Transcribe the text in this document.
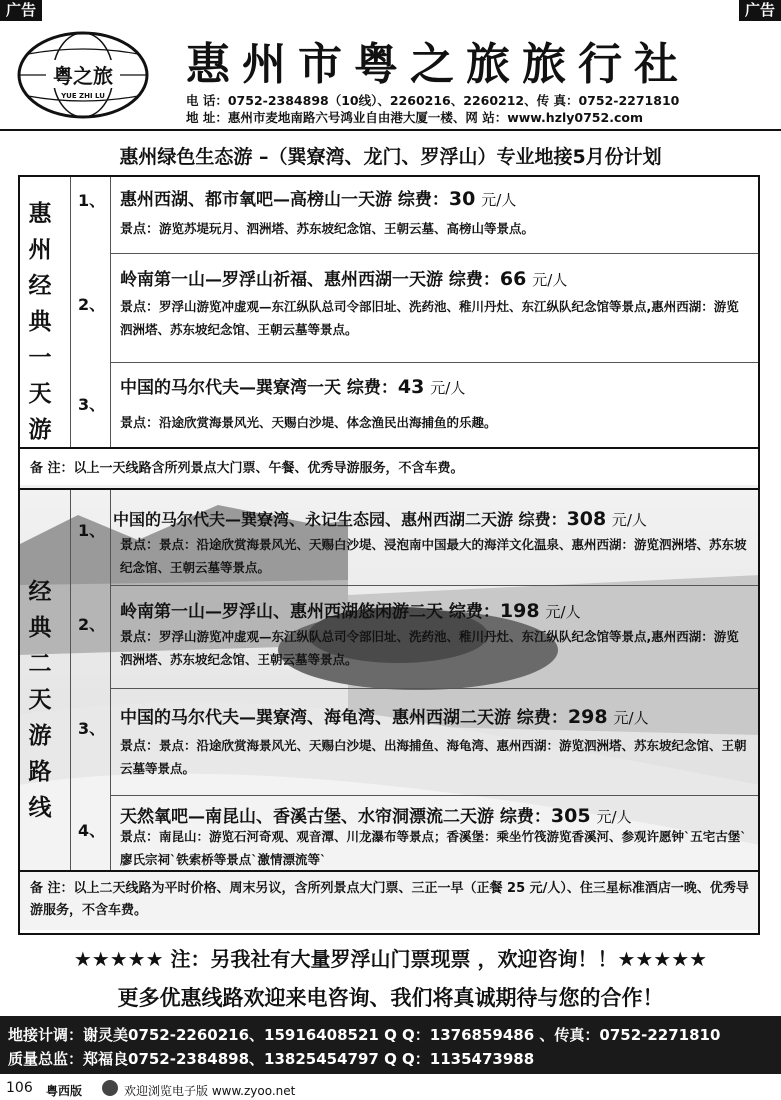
广告	广告
粤之旅
YUE ZHI LU
惠州市粤之旅旅行社
电 话：0752-2384898（10线）、2260216、2260212、传 真：0752-2271810
地 址：惠州市麦地南路六号鸿业自由港大厦一楼、网 站：www.hzly0752.com
惠州绿色生态游 –（巽寮湾、龙门、罗浮山）专业地接5月份计划
惠
州
经
典
一
天
游
1、 惠州西湖、都市氧吧—高榜山一天游 综费：30 元/人
景点：游览苏堤玩月、泗洲塔、苏东坡纪念馆、王朝云墓、高榜山等景点。
2、
岭南第一山—罗浮山祈福、惠州西湖一天游 综费：66 元/人
景点：罗浮山游览冲虚观—东江纵队总司令部旧址、洗药池、稚川丹灶、东江纵队纪念馆等景点,惠州西湖：游览泗洲塔、苏东坡纪念馆、王朝云墓等景点。
3、
中国的马尔代夫—巽寮湾一天 综费：43 元/人
景点：沿途欣赏海景风光、天赐白沙堤、体念渔民出海捕鱼的乐趣。
备 注：以上一天线路含所列景点大门票、午餐、优秀导游服务，不含车费。
经
典
二
天
游
路
线
1、
中国的马尔代夫—巽寮湾、永记生态园、惠州西湖二天游 综费：308 元/人
景点：景点：沿途欣赏海景风光、天赐白沙堤、浸泡南中国最大的海洋文化温泉、惠州西湖：游览泗洲塔、苏东坡纪念馆、王朝云墓等景点。
2、
岭南第一山—罗浮山、惠州西湖悠闲游二天 综费：198 元/人
景点：罗浮山游览冲虚观—东江纵队总司令部旧址、洗药池、稚川丹灶、东江纵队纪念馆等景点,惠州西湖：游览泗洲塔、苏东坡纪念馆、王朝云墓等景点。
3、
中国的马尔代夫—巽寮湾、海龟湾、惠州西湖二天游 综费：298 元/人
景点：景点：沿途欣赏海景风光、天赐白沙堤、出海捕鱼、海龟湾、惠州西湖：游览泗洲塔、苏东坡纪念馆、王朝云墓等景点。
4、
天然氧吧—南昆山、香溪古堡、水帘洞漂流二天游 综费：305 元/人
景点：南昆山：游览石河奇观、观音潭、川龙瀑布等景点；香溪堡：乘坐竹筏游览香溪河、参观许愿钟`五宅古堡`廖氏宗祠`铁索桥等景点`激情漂流等`
备 注：以上二天线路为平时价格、周末另议，含所列景点大门票、三正一早（正餐 25 元/人）、住三星标准酒店一晚、优秀导游服务，不含车费。
★★★★★ 注：另我社有大量罗浮山门票现票 ，欢迎咨询！！★★★★★
更多优惠线路欢迎来电咨询、我们将真诚期待与您的合作！
地接计调：谢灵美0752-2260216、15916408521 Q Q：1376859486 、传真：0752-2271810
质量总监：郑福良0752-2384898、13825454797 Q Q：1135473988
106 粤西版	欢迎浏览电子版 www.zyoo.net
